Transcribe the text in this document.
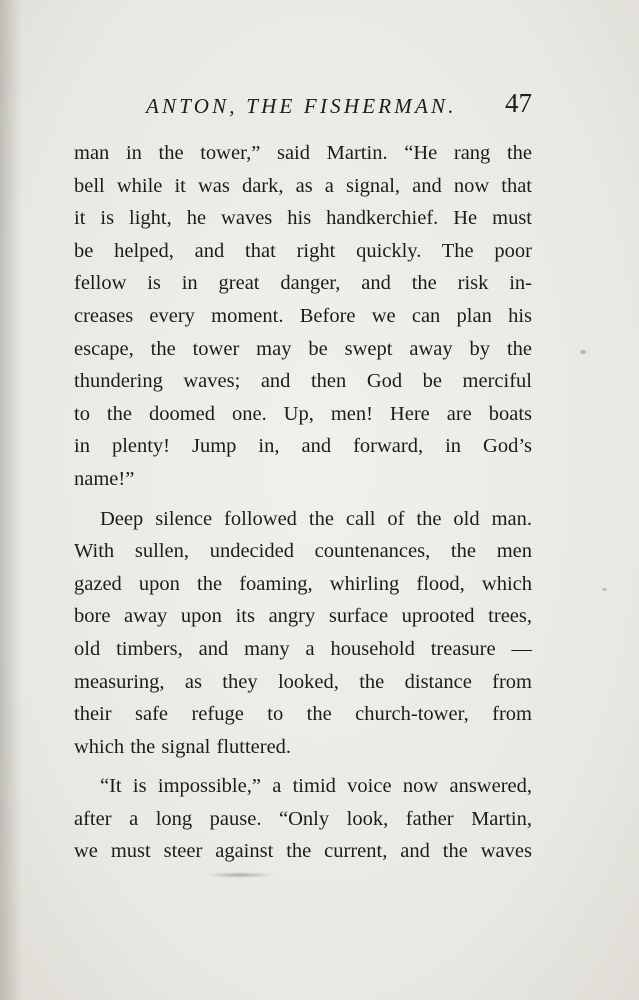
ANTON, THE FISHERMAN. 47
man in the tower,” said Martin. “He rang the
bell while it was dark, as a signal, and now that
it is light, he waves his handkerchief. He must
be helped, and that right quickly. The poor
fellow is in great danger, and the risk in-
creases every moment. Before we can plan his
escape, the tower may be swept away by the
thundering waves; and then God be merciful
to the doomed one. Up, men! Here are boats
in plenty! Jump in, and forward, in God’s
name!”
Deep silence followed the call of the old man.
With sullen, undecided countenances, the men
gazed upon the foaming, whirling flood, which
bore away upon its angry surface uprooted trees,
old timbers, and many a household treasure —
measuring, as they looked, the distance from
their safe refuge to the church-tower, from
which the signal fluttered.
“It is impossible,” a timid voice now answered,
after a long pause. “Only look, father Martin,
we must steer against the current, and the waves
